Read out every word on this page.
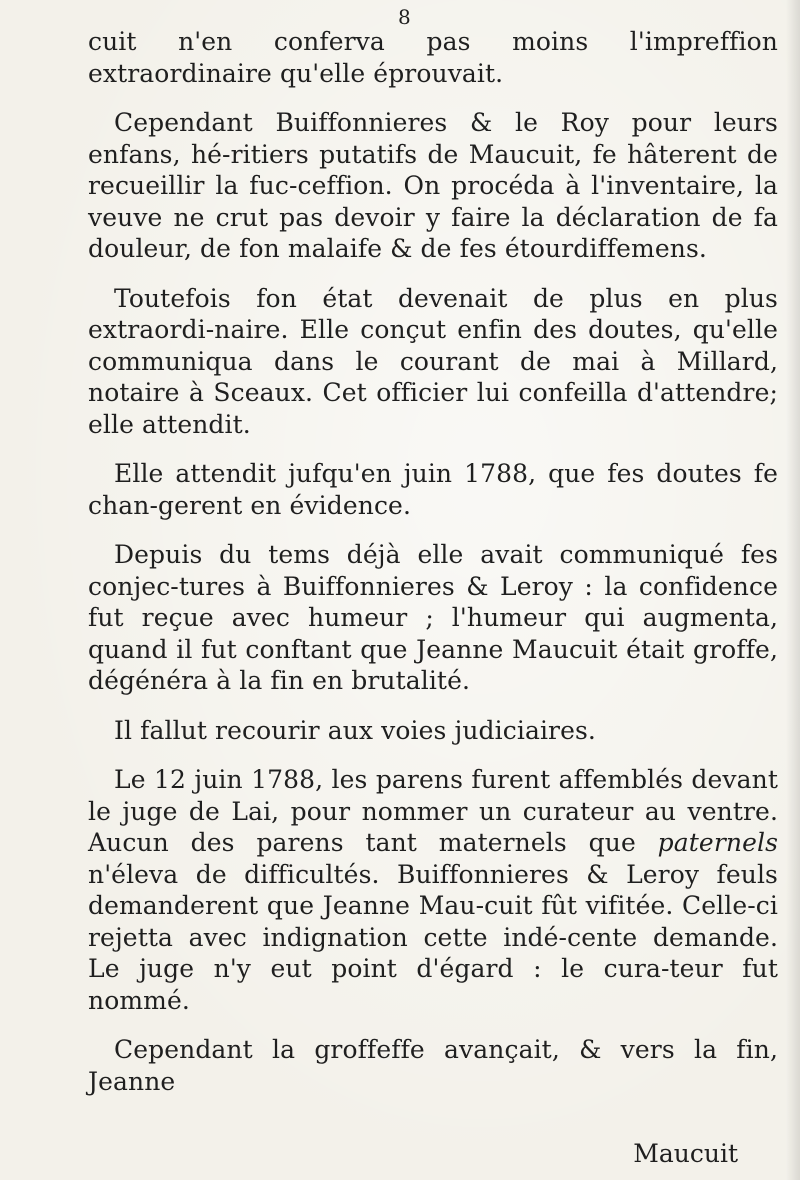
8

cuit n'en conferva pas moins l'impreffion extraordinaire qu'elle éprouvait.

Cependant Buiffonnieres & le Roy pour leurs enfans, hé-ritiers putatifs de Maucuit, fe hâterent de recueillir la fuc-ceffion. On procéda à l'inventaire, la veuve ne crut pas devoir y faire la déclaration de fa douleur, de fon malaife & de fes étourdiffemens.

Toutefois fon état devenait de plus en plus extraordi-naire. Elle conçut enfin des doutes, qu'elle communiqua dans le courant de mai à Millard, notaire à Sceaux. Cet officier lui confeilla d'attendre; elle attendit.

Elle attendit jufqu'en juin 1788, que fes doutes fe chan-gerent en évidence.

Depuis du tems déjà elle avait communiqué fes conjec-tures à Buiffonnieres & Leroy : la confidence fut reçue avec humeur ; l'humeur qui augmenta, quand il fut conftant que Jeanne Maucuit était groffe, dégénéra à la fin en brutalité.

Il fallut recourir aux voies judiciaires.

Le 12 juin 1788, les parens furent affemblés devant le juge de Lai, pour nommer un curateur au ventre. Aucun des parens tant maternels que paternels n'éleva de difficultés. Buiffonnieres & Leroy feuls demanderent que Jeanne Mau-cuit fût vifitée. Celle-ci rejetta avec indignation cette indé-cente demande. Le juge n'y eut point d'égard : le cura-teur fut nommé.

Cependant la groffeffe avançait, & vers la fin, Jeanne

Maucuit
